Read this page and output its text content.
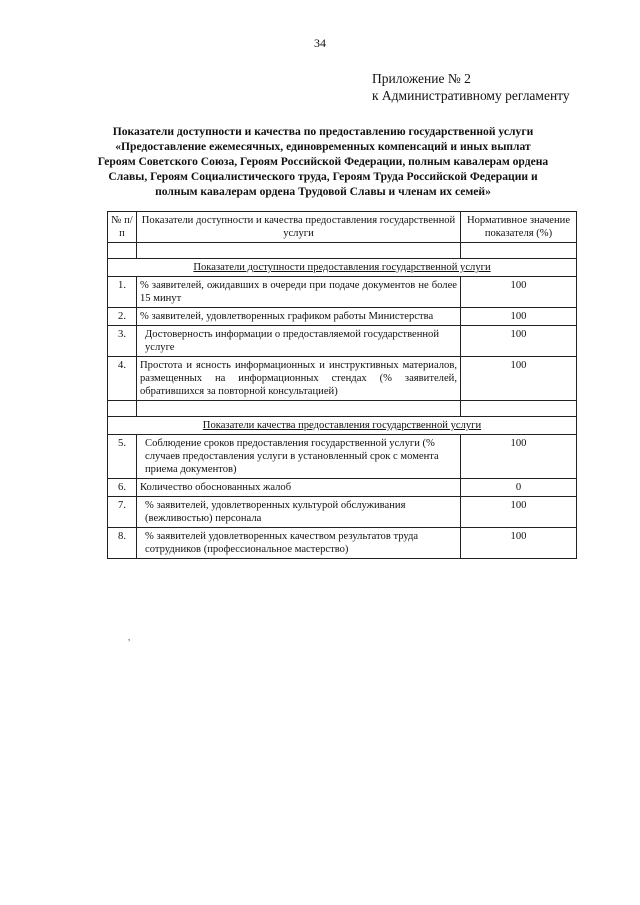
34
Приложение № 2
к Административному регламенту
Показатели доступности и качества по предоставлению государственной услуги
«Предоставление ежемесячных, единовременных компенсаций и иных выплат
Героям Советского Союза, Героям Российской Федерации, полным кавалерам ордена
Славы, Героям Социалистического труда, Героям Труда Российской Федерации и
полным кавалерам ордена Трудовой Славы и членам их семей»
№ п/п	Показатели доступности и качества предоставления государственной услуги	Нормативное значение показателя (%)

Показатели доступности предоставления государственной услуги		
1.	% заявителей, ожидавших в очереди при подаче документов не более 15 минут	100
2.	% заявителей, удовлетворенных графиком работы Министерства	100
3.	Достоверность информации о предоставляемой государственной услуге	100
4.	Простота и ясность информационных и инструктивных материалов, размещенных на информационных стендах (% заявителей, обратившихся за повторной консультацией)	100

Показатели качества предоставления государственной услуги		
5.	Соблюдение сроков предоставления государственной услуги (% случаев предоставления услуги в установленный срок с момента приема документов)	100
6.	Количество обоснованных жалоб	0
7.	% заявителей, удовлетворенных культурой обслуживания (вежливостью) персонала	100
8.	% заявителей удовлетворенных качеством результатов труда сотрудников (профессиональное мастерство)	100
,
